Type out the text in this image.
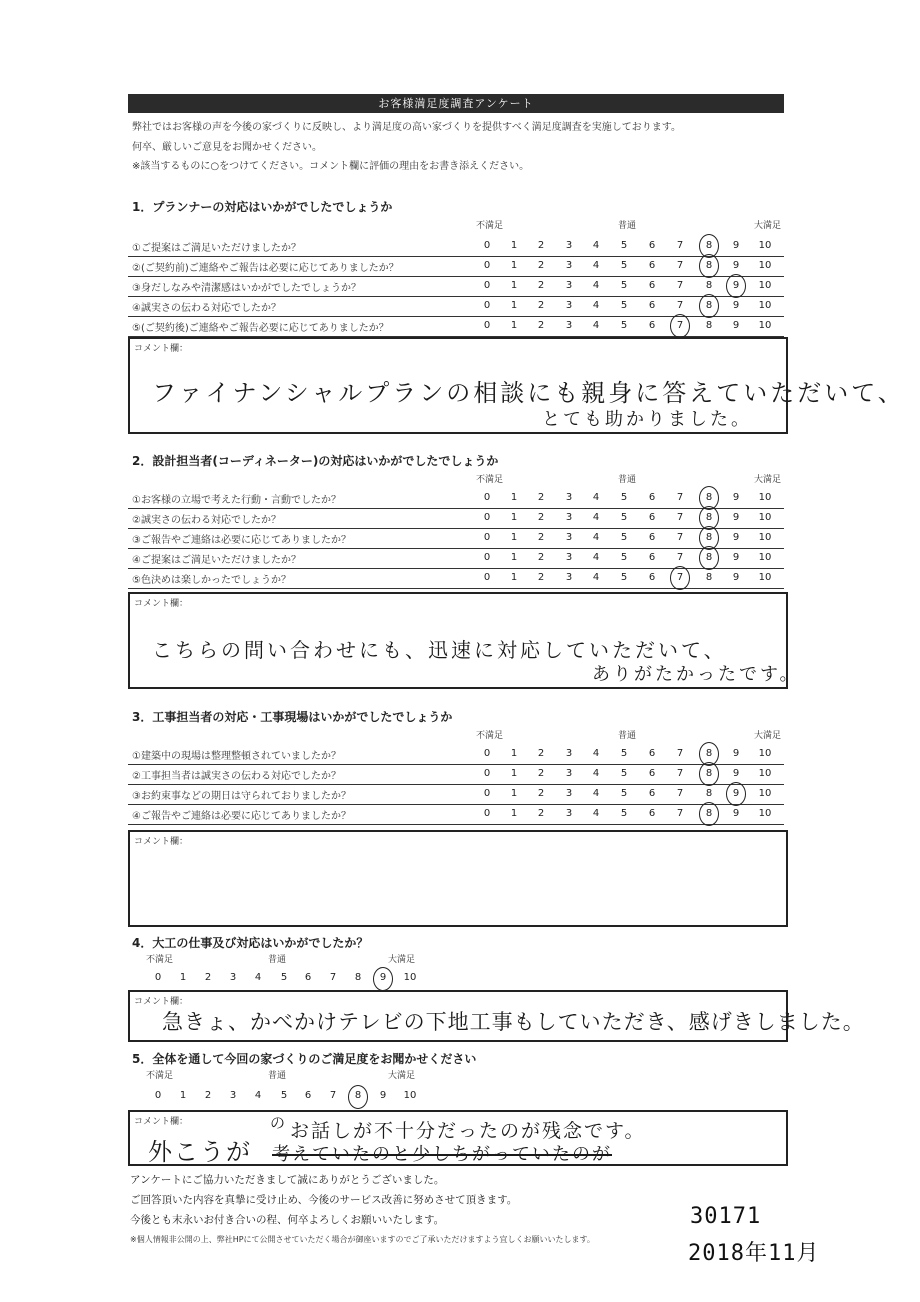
お客様満足度調査アンケート
弊社ではお客様の声を今後の家づくりに反映し、より満足度の高い家づくりを提供すべく満足度調査を実施しております。
何卒、厳しいご意見をお聞かせください。
※該当するものに○をつけてください。コメント欄に評価の理由をお書き添えください。
1．プランナーの対応はいかがでしたでしょうか
不満足	普通	大満足
①ご提案はご満足いただけましたか？	0	1	2	3	4	5	6	7	8	9	10
②(ご契約前)ご連絡やご報告は必要に応じてありましたか？	0	1	2	3	4	5	6	7	8	9	10
③身だしなみや清潔感はいかがでしたでしょうか？	0	1	2	3	4	5	6	7	8	9	10
④誠実さの伝わる対応でしたか？	0	1	2	3	4	5	6	7	8	9	10
⑤(ご契約後)ご連絡やご報告必要に応じてありましたか？	0	1	2	3	4	5	6	7	8	9	10
コメント欄：
ファイナンシャルプランの相談にも親身に答えていただいて、
とても助かりました。
2．設計担当者(コーディネーター)の対応はいかがでしたでしょうか
不満足	普通	大満足
①お客様の立場で考えた行動・言動でしたか？	0	1	2	3	4	5	6	7	8	9	10
②誠実さの伝わる対応でしたか？	0	1	2	3	4	5	6	7	8	9	10
③ご報告やご連絡は必要に応じてありましたか？	0	1	2	3	4	5	6	7	8	9	10
④ご提案はご満足いただけましたか？	0	1	2	3	4	5	6	7	8	9	10
⑤色決めは楽しかったでしょうか？	0	1	2	3	4	5	6	7	8	9	10
コメント欄：
こちらの問い合わせにも、迅速に対応していただいて、
ありがたかったです。
3．工事担当者の対応・工事現場はいかがでしたでしょうか
不満足	普通	大満足
①建築中の現場は整理整頓されていましたか？	0	1	2	3	4	5	6	7	8	9	10
②工事担当者は誠実さの伝わる対応でしたか？	0	1	2	3	4	5	6	7	8	9	10
③お約束事などの期日は守られておりましたか？	0	1	2	3	4	5	6	7	8	9	10
④ご報告やご連絡は必要に応じてありましたか？	0	1	2	3	4	5	6	7	8	9	10
コメント欄：
4．大工の仕事及び対応はいかがでしたか？
不満足	普通	大満足
0	1	2	3	4	5	6	7	8	9	10
コメント欄：
急きょ、かべかけテレビの下地工事もしていただき、感げきしました。
5．全体を通して今回の家づくりのご満足度をお聞かせください
不満足	普通	大満足
0	1	2	3	4	5	6	7	8	9	10
コメント欄：
外こうが
の お話しが不十分だったのが残念です。
考えていたのと少しちがっていたのが
アンケートにご協力いただきまして誠にありがとうございました。
ご回答頂いた内容を真摯に受け止め、今後のサービス改善に努めさせて頂きます。
今後とも末永いお付き合いの程、何卒よろしくお願いいたします。
※個人情報非公開の上、弊社HPにて公開させていただく場合が御座いますのでご了承いただけますよう宜しくお願いいたします。
30171
2018年11月
